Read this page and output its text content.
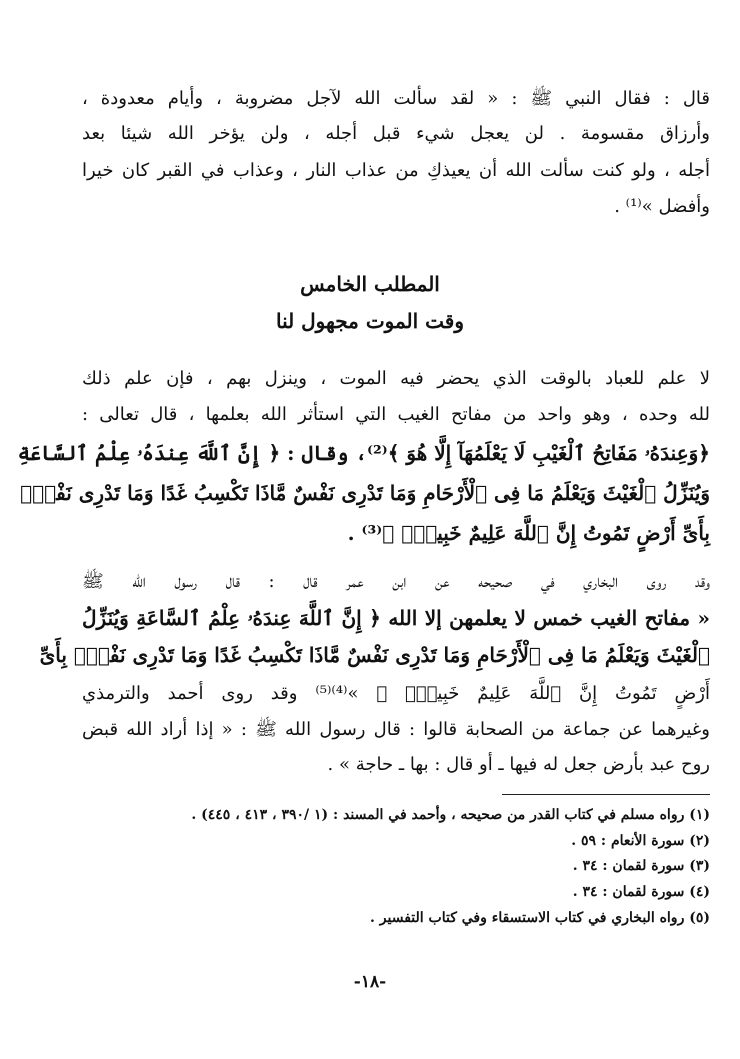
قال : فقال النبي ﷺ : « لقد سألت الله لآجل مضروبة ، وأيام معدودة ،
وأرزاق مقسومة . لن يعجل شيء قبل أجله ، ولن يؤخر الله شيئا بعد
أجله ، ولو كنت سألت الله أن يعيذكِ من عذاب النار ، وعذاب في القبر كان خيرا
وأفضل »⁽¹⁾ .
المطلب الخامس
وقت الموت مجهول لنا
لا علم للعباد بالوقت الذي يحضر فيه الموت ، وينزل بهم ، فإن علم ذلك
لله وحده ، وهو واحد من مفاتح الغيب التي استأثر الله بعلمها ، قال تعالى :
﴿وَعِندَهُۥ مَفَاتِحُ ٱلْغَيْبِ لَا يَعْلَمُهَآ إِلَّا هُوَ ﴾⁽²⁾، وقال : ﴿ إِنَّ ٱللَّهَ عِندَهُۥ عِلْمُ ٱلسَّاعَةِ
وَيُنَزِّلُ ٱلْغَيْثَ وَيَعْلَمُ مَا فِى ٱلْأَرْحَامِ وَمَا تَدْرِى نَفْسٌ مَّاذَا تَكْسِبُ غَدًا وَمَا تَدْرِى نَفْسٌۢ
بِأَىِّ أَرْضٍ تَمُوتُ إِنَّ ٱللَّهَ عَلِيمٌ خَبِيرٌۢ ﴾⁽³⁾ .
وقد روى البخاري في صحيحه عن ابن عمر قال : قال رسول الله ﷺ
« مفاتح الغيب خمس لا يعلمهن إلا الله ﴿ إِنَّ ٱللَّهَ عِندَهُۥ عِلْمُ ٱلسَّاعَةِ وَيُنَزِّلُ
ٱلْغَيْثَ وَيَعْلَمُ مَا فِى ٱلْأَرْحَامِ وَمَا تَدْرِى نَفْسٌ مَّاذَا تَكْسِبُ غَدًا وَمَا تَدْرِى نَفْسٌۢ بِأَىِّ
أَرْضٍ تَمُوتُ إِنَّ ٱللَّهَ عَلِيمٌ خَبِيرٌۢ ﴾ »⁽⁴⁾⁽⁵⁾ وقد روى أحمد والترمذي
وغيرهما عن جماعة من الصحابة قالوا : قال رسول الله ﷺ : « إذا أراد الله قبض
روح عبد بأرض جعل له فيها ـ أو قال : بها ـ حاجة » .
(١) رواه مسلم في كتاب القدر من صحيحه ، وأحمد في المسند : (١ /٣٩٠ ، ٤١٣ ، ٤٤٥) .
(٢) سورة الأنعام : ٥٩ .
(٣) سورة لقمان : ٣٤ .
(٤) سورة لقمان : ٣٤ .
(٥) رواه البخاري في كتاب الاستسقاء وفي كتاب التفسير .
-١٨-
